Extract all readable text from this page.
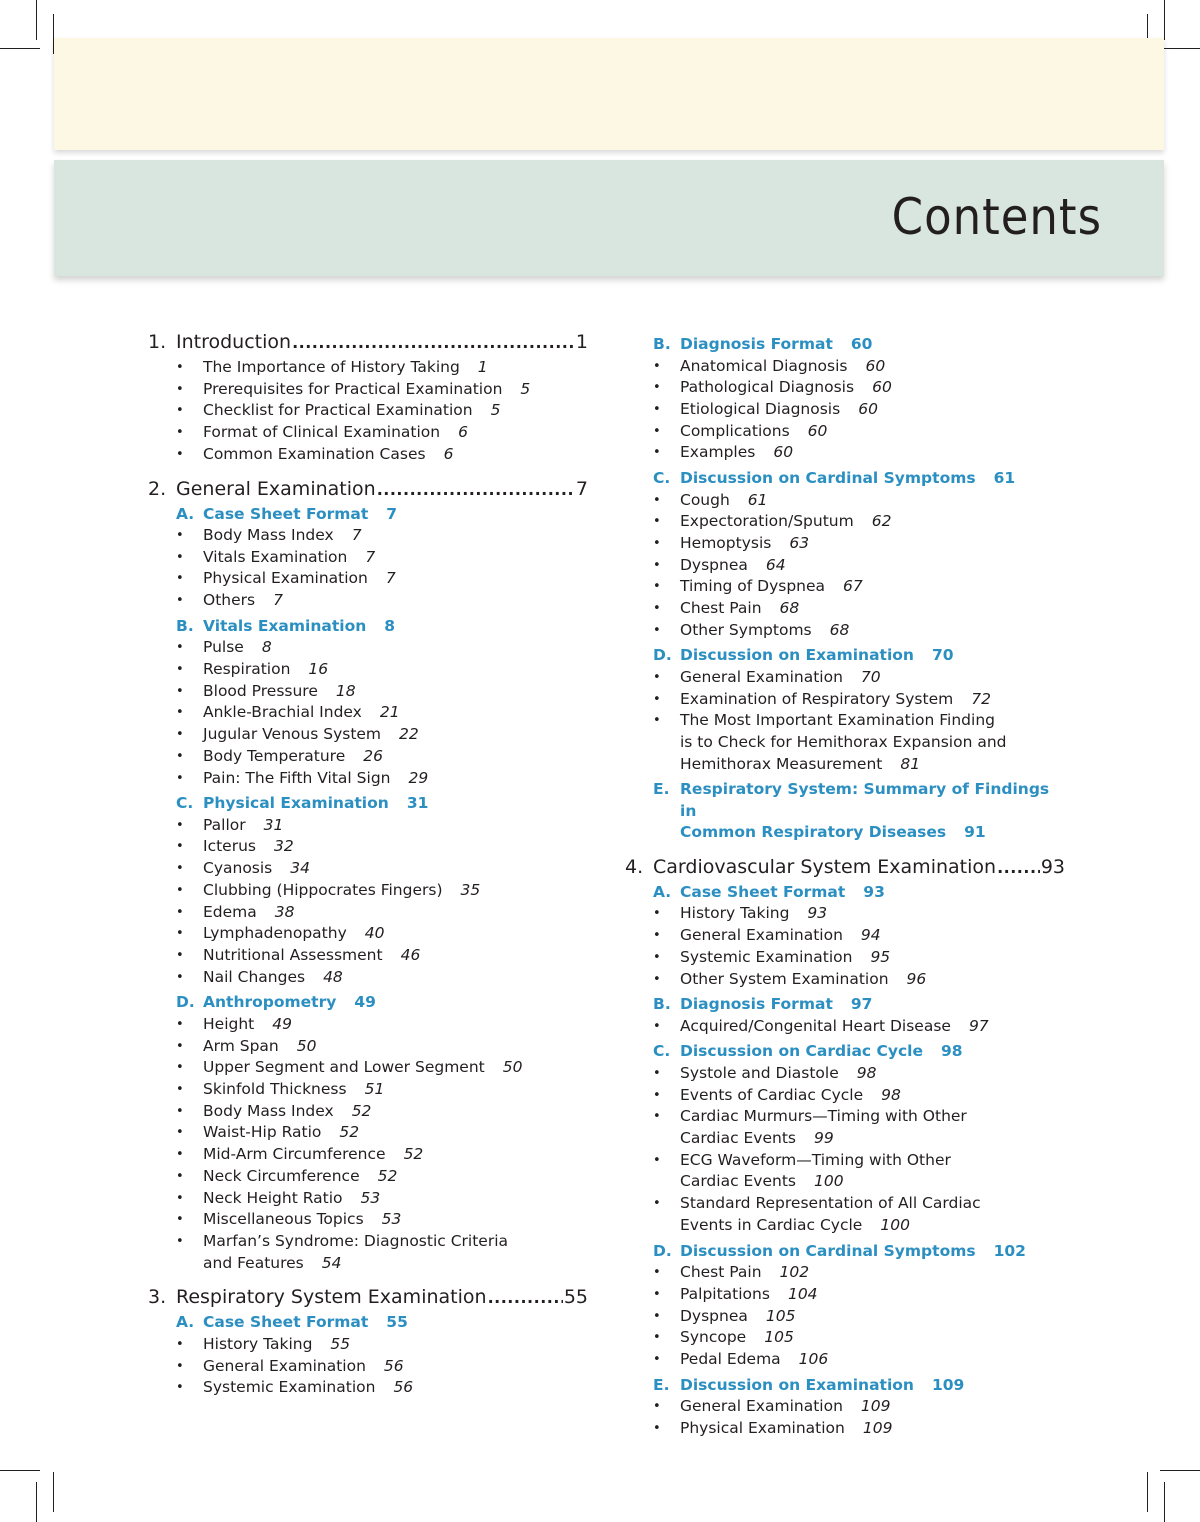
Contents
1. Introduction .....	1
• The Importance of History Taking 1
• Prerequisites for Practical Examination 5
• Checklist for Practical Examination 5
• Format of Clinical Examination 6
• Common Examination Cases 6
2. General Examination .....	7
A. Case Sheet Format 7
• Body Mass Index 7
• Vitals Examination 7
• Physical Examination 7
• Others 7
B. Vitals Examination 8
• Pulse 8
• Respiration 16
• Blood Pressure 18
• Ankle-Brachial Index 21
• Jugular Venous System 22
• Body Temperature 26
• Pain: The Fifth Vital Sign 29
C. Physical Examination 31
• Pallor 31
• Icterus 32
• Cyanosis 34
• Clubbing (Hippocrates Fingers) 35
• Edema 38
• Lymphadenopathy 40
• Nutritional Assessment 46
• Nail Changes 48
D. Anthropometry 49
• Height 49
• Arm Span 50
• Upper Segment and Lower Segment 50
• Skinfold Thickness 51
• Body Mass Index 52
• Waist-Hip Ratio 52
• Mid-Arm Circumference 52
• Neck Circumference 52
• Neck Height Ratio 53
• Miscellaneous Topics 53
• Marfan’s Syndrome: Diagnostic Criteria
and Features 54
3. Respiratory System Examination .....	55
A. Case Sheet Format 55
• History Taking 55
• General Examination 56
• Systemic Examination 56
B. Diagnosis Format 60
• Anatomical Diagnosis 60
• Pathological Diagnosis 60
• Etiological Diagnosis 60
• Complications 60
• Examples 60
C. Discussion on Cardinal Symptoms 61
• Cough 61
• Expectoration/Sputum 62
• Hemoptysis 63
• Dyspnea 64
• Timing of Dyspnea 67
• Chest Pain 68
• Other Symptoms 68
D. Discussion on Examination 70
• General Examination 70
• Examination of Respiratory System 72
• The Most Important Examination Finding
is to Check for Hemithorax Expansion and
Hemithorax Measurement 81
E. Respiratory System: Summary of Findings in
Common Respiratory Diseases 91
4. Cardiovascular System Examination ..... 93
A. Case Sheet Format 93
• History Taking 93
• General Examination 94
• Systemic Examination 95
• Other System Examination 96
B. Diagnosis Format 97
• Acquired/Congenital Heart Disease 97
C. Discussion on Cardiac Cycle 98
• Systole and Diastole 98
• Events of Cardiac Cycle 98
• Cardiac Murmurs—Timing with Other
Cardiac Events 99
• ECG Waveform—Timing with Other
Cardiac Events 100
• Standard Representation of All Cardiac
Events in Cardiac Cycle 100
D. Discussion on Cardinal Symptoms 102
• Chest Pain 102
• Palpitations 104
• Dyspnea 105
• Syncope 105
• Pedal Edema 106
E. Discussion on Examination 109
• General Examination 109
• Physical Examination 109
